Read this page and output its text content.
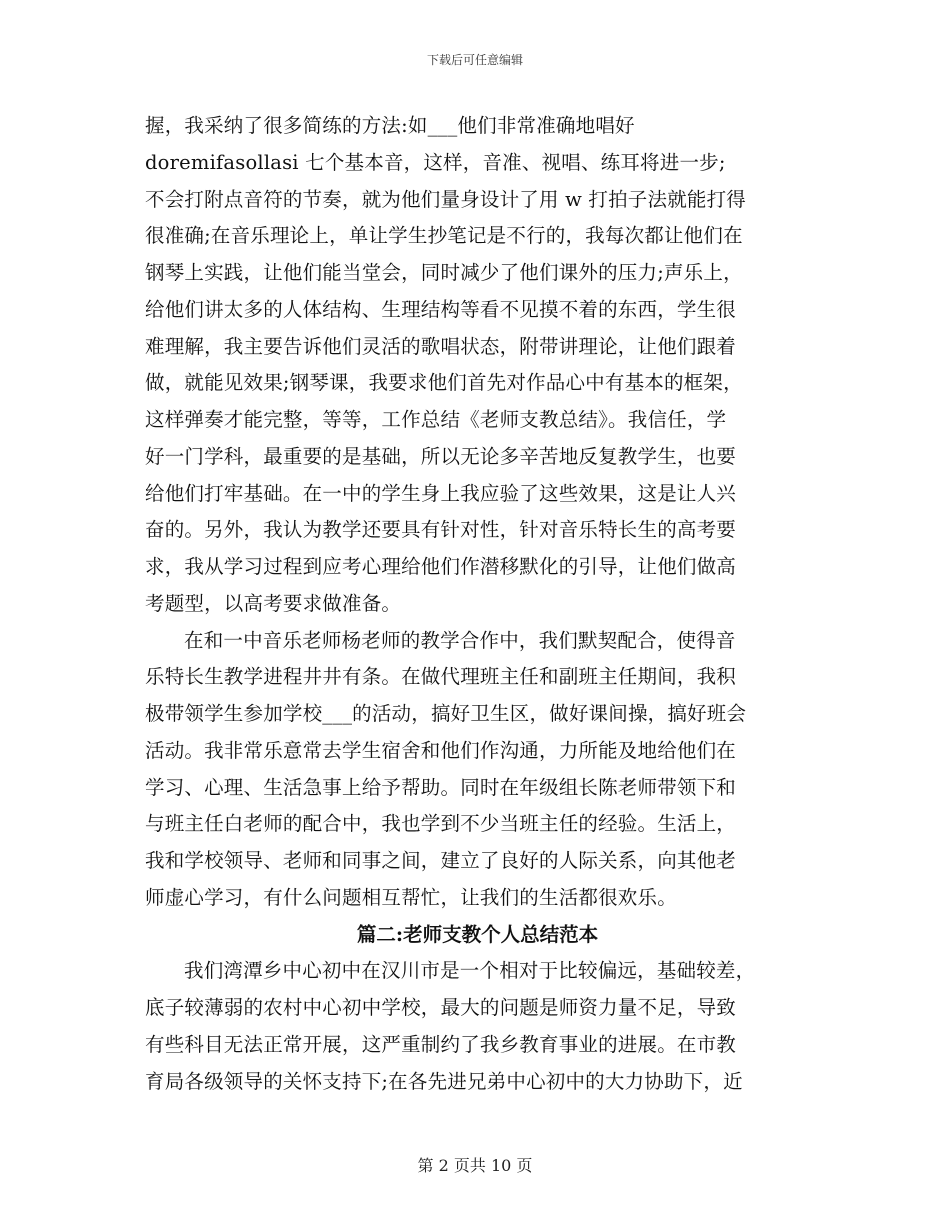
下载后可任意编辑
握，我采纳了很多简练的方法:如___他们非常准确地唱好
doremifasollasi 七个基本音，这样，音准、视唱、练耳将进一步;
不会打附点音符的节奏，就为他们量身设计了用 w 打拍子法就能打得
很准确;在音乐理论上，单让学生抄笔记是不行的，我每次都让他们在
钢琴上实践，让他们能当堂会，同时减少了他们课外的压力;声乐上，
给他们讲太多的人体结构、生理结构等看不见摸不着的东西，学生很
难理解，我主要告诉他们灵活的歌唱状态，附带讲理论，让他们跟着
做，就能见效果;钢琴课，我要求他们首先对作品心中有基本的框架，
这样弹奏才能完整，等等，工作总结《老师支教总结》。我信任，学
好一门学科，最重要的是基础，所以无论多辛苦地反复教学生，也要
给他们打牢基础。在一中的学生身上我应验了这些效果，这是让人兴
奋的。另外，我认为教学还要具有针对性，针对音乐特长生的高考要
求，我从学习过程到应考心理给他们作潜移默化的引导，让他们做高
考题型，以高考要求做准备。
在和一中音乐老师杨老师的教学合作中，我们默契配合，使得音
乐特长生教学进程井井有条。在做代理班主任和副班主任期间，我积
极带领学生参加学校___的活动，搞好卫生区，做好课间操，搞好班会
活动。我非常乐意常去学生宿舍和他们作沟通，力所能及地给他们在
学习、心理、生活急事上给予帮助。同时在年级组长陈老师带领下和
与班主任白老师的配合中，我也学到不少当班主任的经验。生活上，
我和学校领导、老师和同事之间，建立了良好的人际关系，向其他老
师虚心学习，有什么问题相互帮忙，让我们的生活都很欢乐。
篇二:老师支教个人总结范本
我们湾潭乡中心初中在汉川市是一个相对于比较偏远，基础较差，
底子较薄弱的农村中心初中学校，最大的问题是师资力量不足，导致
有些科目无法正常开展，这严重制约了我乡教育事业的进展。在市教
育局各级领导的关怀支持下;在各先进兄弟中心初中的大力协助下，近
第 2 页共 10 页
